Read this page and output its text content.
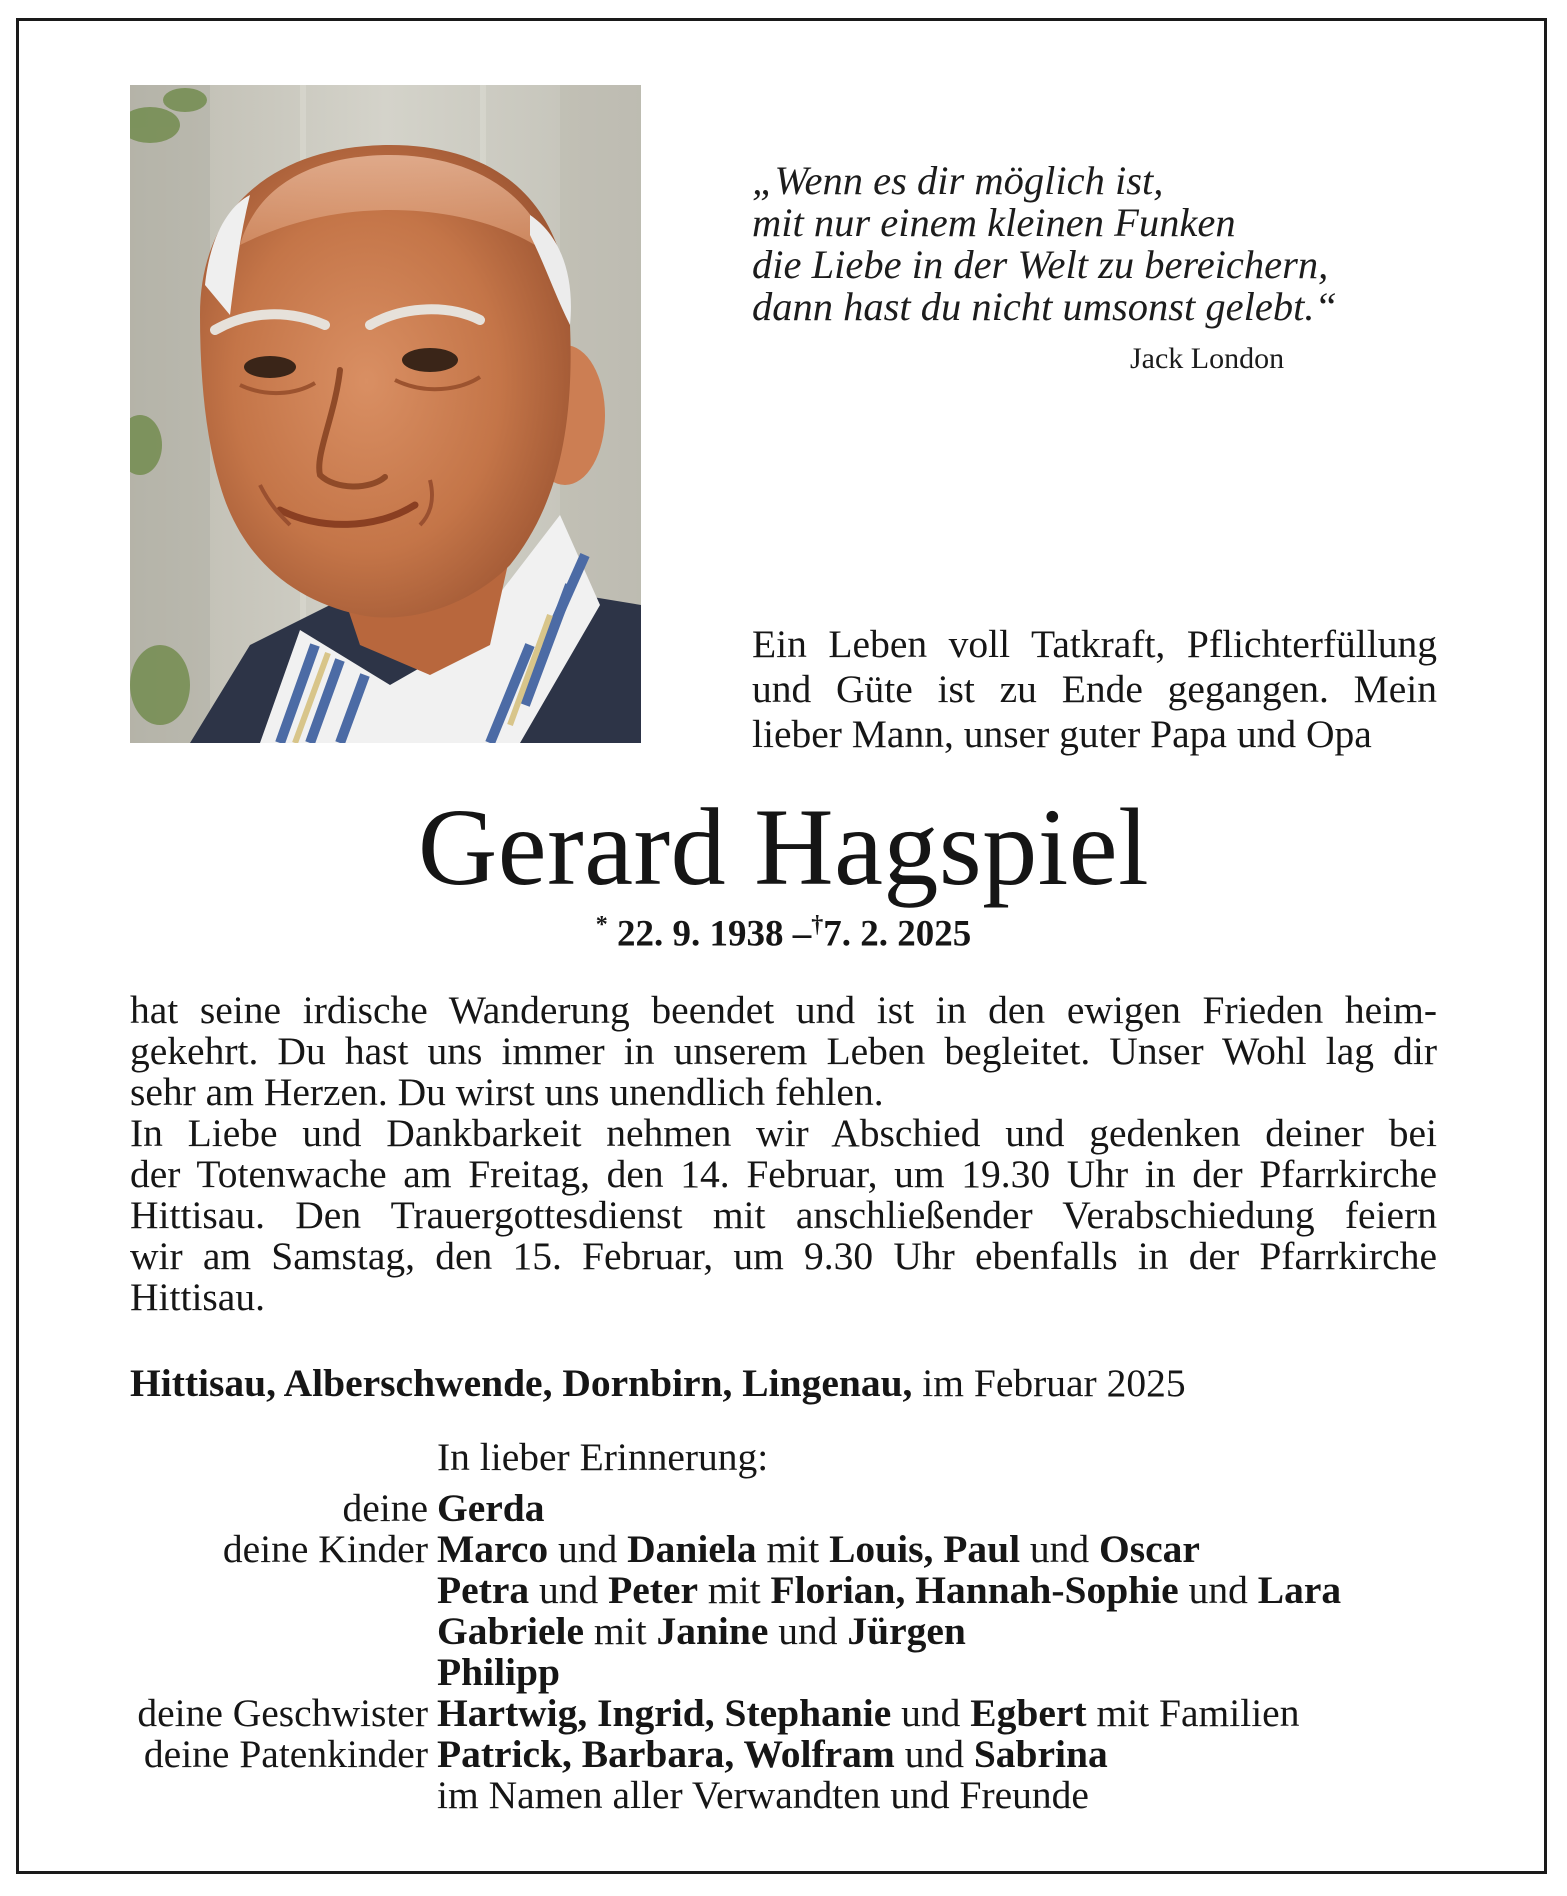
„Wenn es dir möglich ist,
mit nur einem kleinen Funken
die Liebe in der Welt zu bereichern,
dann hast du nicht umsonst gelebt.“
Jack London
Ein Leben voll Tatkraft, Pflichterfüllung
und Güte ist zu Ende gegangen. Mein
lieber Mann, unser guter Papa und Opa
Gerard Hagspiel
* 22. 9. 1938 –†7. 2. 2025
hat seine irdische Wanderung beendet und ist in den ewigen Frieden heim-
gekehrt. Du hast uns immer in unserem Leben begleitet. Unser Wohl lag dir
sehr am Herzen. Du wirst uns unendlich fehlen.
In Liebe und Dankbarkeit nehmen wir Abschied und gedenken deiner bei
der Totenwache am Freitag, den 14. Februar, um 19.30 Uhr in der Pfarrkirche
Hittisau. Den Trauergottesdienst mit anschließender Verabschiedung feiern
wir am Samstag, den 15. Februar, um 9.30 Uhr ebenfalls in der Pfarrkirche
Hittisau.
Hittisau, Alberschwende, Dornbirn, Lingenau, im Februar 2025
In lieber Erinnerung:
deine Gerda
deine Kinder Marco und Daniela mit Louis, Paul und Oscar
Petra und Peter mit Florian, Hannah-Sophie und Lara
Gabriele mit Janine und Jürgen
Philipp
deine Geschwister Hartwig, Ingrid, Stephanie und Egbert mit Familien
deine Patenkinder Patrick, Barbara, Wolfram und Sabrina
im Namen aller Verwandten und Freunde
